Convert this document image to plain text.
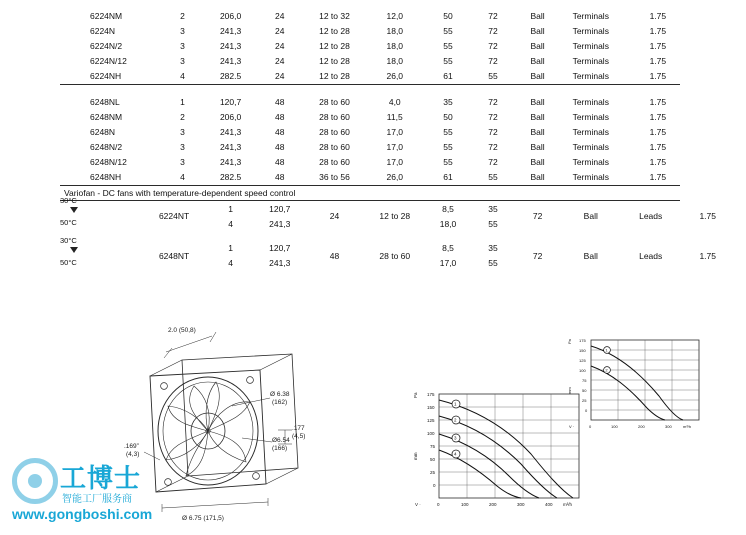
6224NM	2	206,0	24	12 to 32	12,0	50	72	Ball	Terminals	1.75	
6224N	3	241,3	24	12 to 28	18,0	55	72	Ball	Terminals	1.75	
6224N/2	3	241,3	24	12 to 28	18,0	55	72	Ball	Terminals	1.75	
6224N/12	3	241,3	24	12 to 28	18,0	55	72	Ball	Terminals	1.75	
6224NH	4	282.5	24	12 to 28	26,0	61	55	Ball	Terminals	1.75	

6248NL	1	120,7	48	28 to 60	4,0	35	72	Ball	Terminals	1.75	
6248NM	2	206,0	48	28 to 60	11,5	50	72	Ball	Terminals	1.75	
6248N	3	241,3	48	28 to 60	17,0	55	72	Ball	Terminals	1.75	
6248N/2	3	241,3	48	28 to 60	17,0	55	72	Ball	Terminals	1.75	
6248N/12	3	241,3	48	28 to 60	17,0	55	72	Ball	Terminals	1.75	
6248NH	4	282.5	48	36 to 56	26,0	61	55	Ball	Terminals	1.75	
Variofan - DC fans with temperature-dependent speed control											

30°C
50°C	6224NT	1	120,7	24	12 to 28	8,5	35	72	Ball	Leads	1.75
		4	241,3			18,0	55				

30°C
50°C	6248NT	1	120,7	48	28 to 60	8,5	35	72	Ball	Leads	1.75
		4	241,3			17,0	55				
2.0 (50,8)
Ø 6.38
(162)
Ø6.54
(166)
.177
(4,5)
.169”
(4,3)
Ø 6.75 (171,5)
1
2
3
4
175
150
125
100
75
50
25
0
0	100	200	300	400 m³/h
V ·
Pa
mm
1
2
175
150
125
100
75
50
25
0
0	100	200	300	m³/h
V ·
Pa
mm
工博士
智能工厂服务商
www.gongboshi.com
